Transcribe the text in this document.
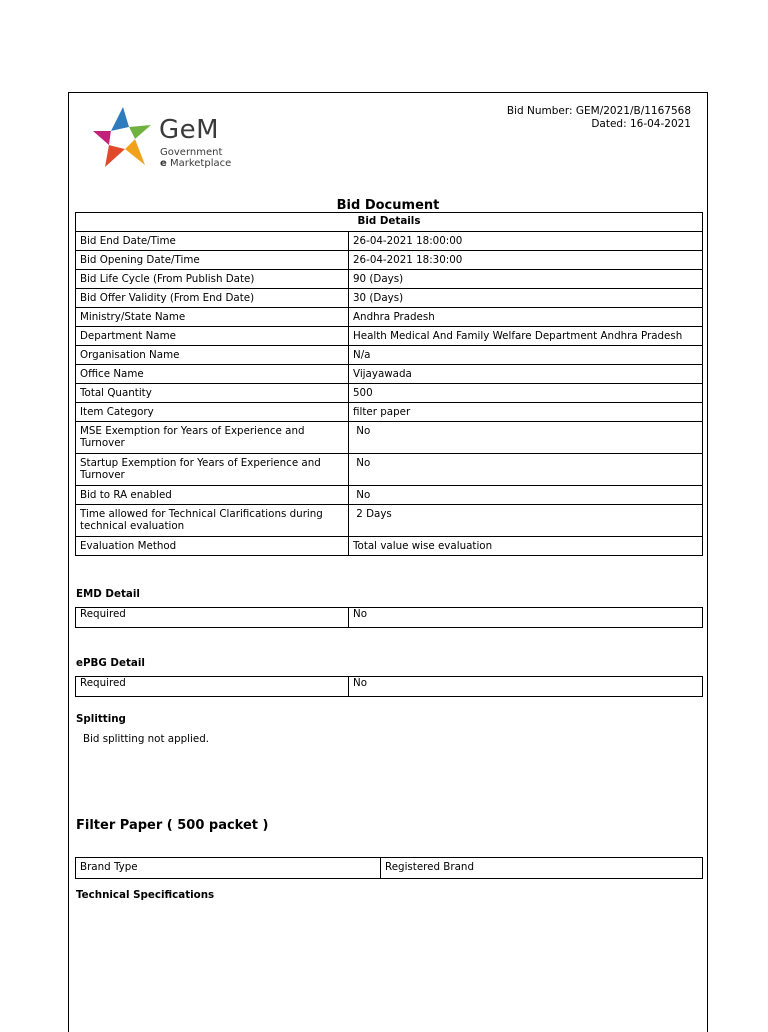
GeM
Government
e Marketplace
Bid Number: GEM/2021/B/1167568
Dated: 16-04-2021
Bid Document
Bid Details	
Bid End Date/Time	26-04-2021 18:00:00
Bid Opening Date/Time	26-04-2021 18:30:00
Bid Life Cycle (From Publish Date)	90 (Days)
Bid Offer Validity (From End Date)	30 (Days)
Ministry/State Name	Andhra Pradesh
Department Name	Health Medical And Family Welfare Department Andhra Pradesh
Organisation Name	N/a
Office Name	Vijayawada
Total Quantity	500
Item Category	filter paper
MSE Exemption for Years of Experience and Turnover	No
Startup Exemption for Years of Experience and Turnover	No
Bid to RA enabled	No
Time allowed for Technical Clarifications during technical evaluation	2 Days
Evaluation Method	Total value wise evaluation
EMD Detail
Required	No
ePBG Detail
Required	No
Splitting
Bid splitting not applied.
Filter Paper ( 500 packet )
Brand Type	Registered Brand
Technical Specifications
